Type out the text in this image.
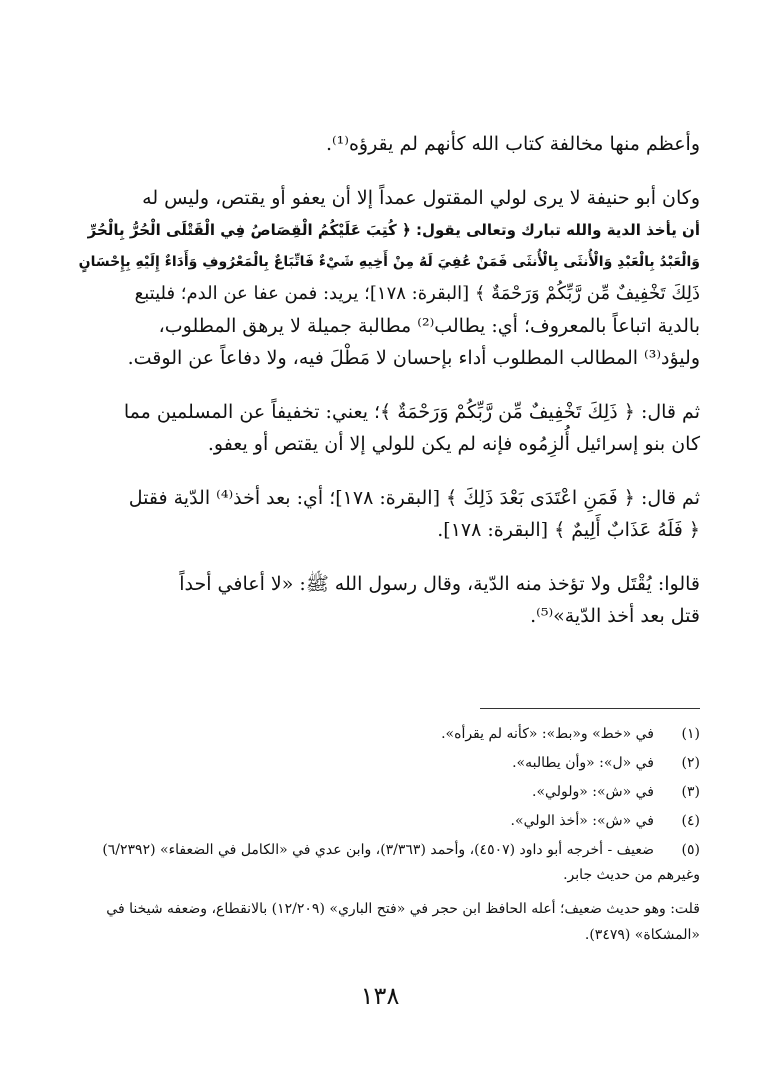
وأعظم منها مخالفة كتاب الله كأنهم لم يقرؤه⁽¹⁾.

وكان أبو حنيفة لا يرى لولي المقتول عمداً إلا أن يعفو أو يقتص، وليس له
أن يأخذ الدية والله تبارك وتعالى يقول: ﴿ كُتِبَ عَلَيْكُمُ الْقِصَاصُ فِي الْقَتْلَى الْحُرُّ بِالْحُرِّ
وَالْعَبْدُ بِالْعَبْدِ وَالْأُنثَى بِالْأُنثَى فَمَنْ عُفِيَ لَهُ مِنْ أَخِيهِ شَيْءٌ فَاتِّبَاعٌ بِالْمَعْرُوفِ وَأَدَاءٌ إِلَيْهِ بِإِحْسَانٍ
ذَلِكَ تَخْفِيفٌ مِّن رَّبِّكُمْ وَرَحْمَةٌ ﴾ [البقرة: ١٧٨]؛ يريد: فمن عفا عن الدم؛ فليتبع
بالدية اتباعاً بالمعروف؛ أي: يطالب⁽²⁾ مطالبة جميلة لا يرهق المطلوب،
وليؤد⁽³⁾ المطالب المطلوب أداء بإحسان لا مَطْلَ فيه، ولا دفاعاً عن الوقت.

ثم قال: ﴿ ذَلِكَ تَخْفِيفٌ مِّن رَّبِّكُمْ وَرَحْمَةٌ ﴾؛ يعني: تخفيفاً عن المسلمين مما
كان بنو إسرائيل أُلزِمُوه فإنه لم يكن للولي إلا أن يقتص أو يعفو.

ثم قال: ﴿ فَمَنِ اعْتَدَى بَعْدَ ذَلِكَ ﴾ [البقرة: ١٧٨]؛ أي: بعد أخذ⁽⁴⁾ الدّية فقتل
﴿ فَلَهُ عَذَابٌ أَلِيمٌ ﴾ [البقرة: ١٧٨].

قالوا: يُقْتَل ولا تؤخذ منه الدّية، وقال رسول الله ﷺ: «لا أعافي أحداً
قتل بعد أخذ الدّية»⁽⁵⁾.

(١)في «خط» و«بط»: «كأنه لم يقرأه».
(٢)في «ل»: «وأن يطالبه».
(٣)في «ش»: «ولولي».
(٤)في «ش»: «أخذ الولي».
(٥)ضعيف - أخرجه أبو داود (٤٥٠٧)، وأحمد (٣/٣٦٣)، وابن عدي في «الكامل في الضعفاء» (٦/٢٣٩٢) وغيرهم من حديث جابر.
قلت: وهو حديث ضعيف؛ أعله الحافظ ابن حجر في «فتح الباري» (١٢/٢٠٩) بالانقطاع، وضعفه شيخنا في «المشكاة» (٣٤٧٩).
١٣٨
